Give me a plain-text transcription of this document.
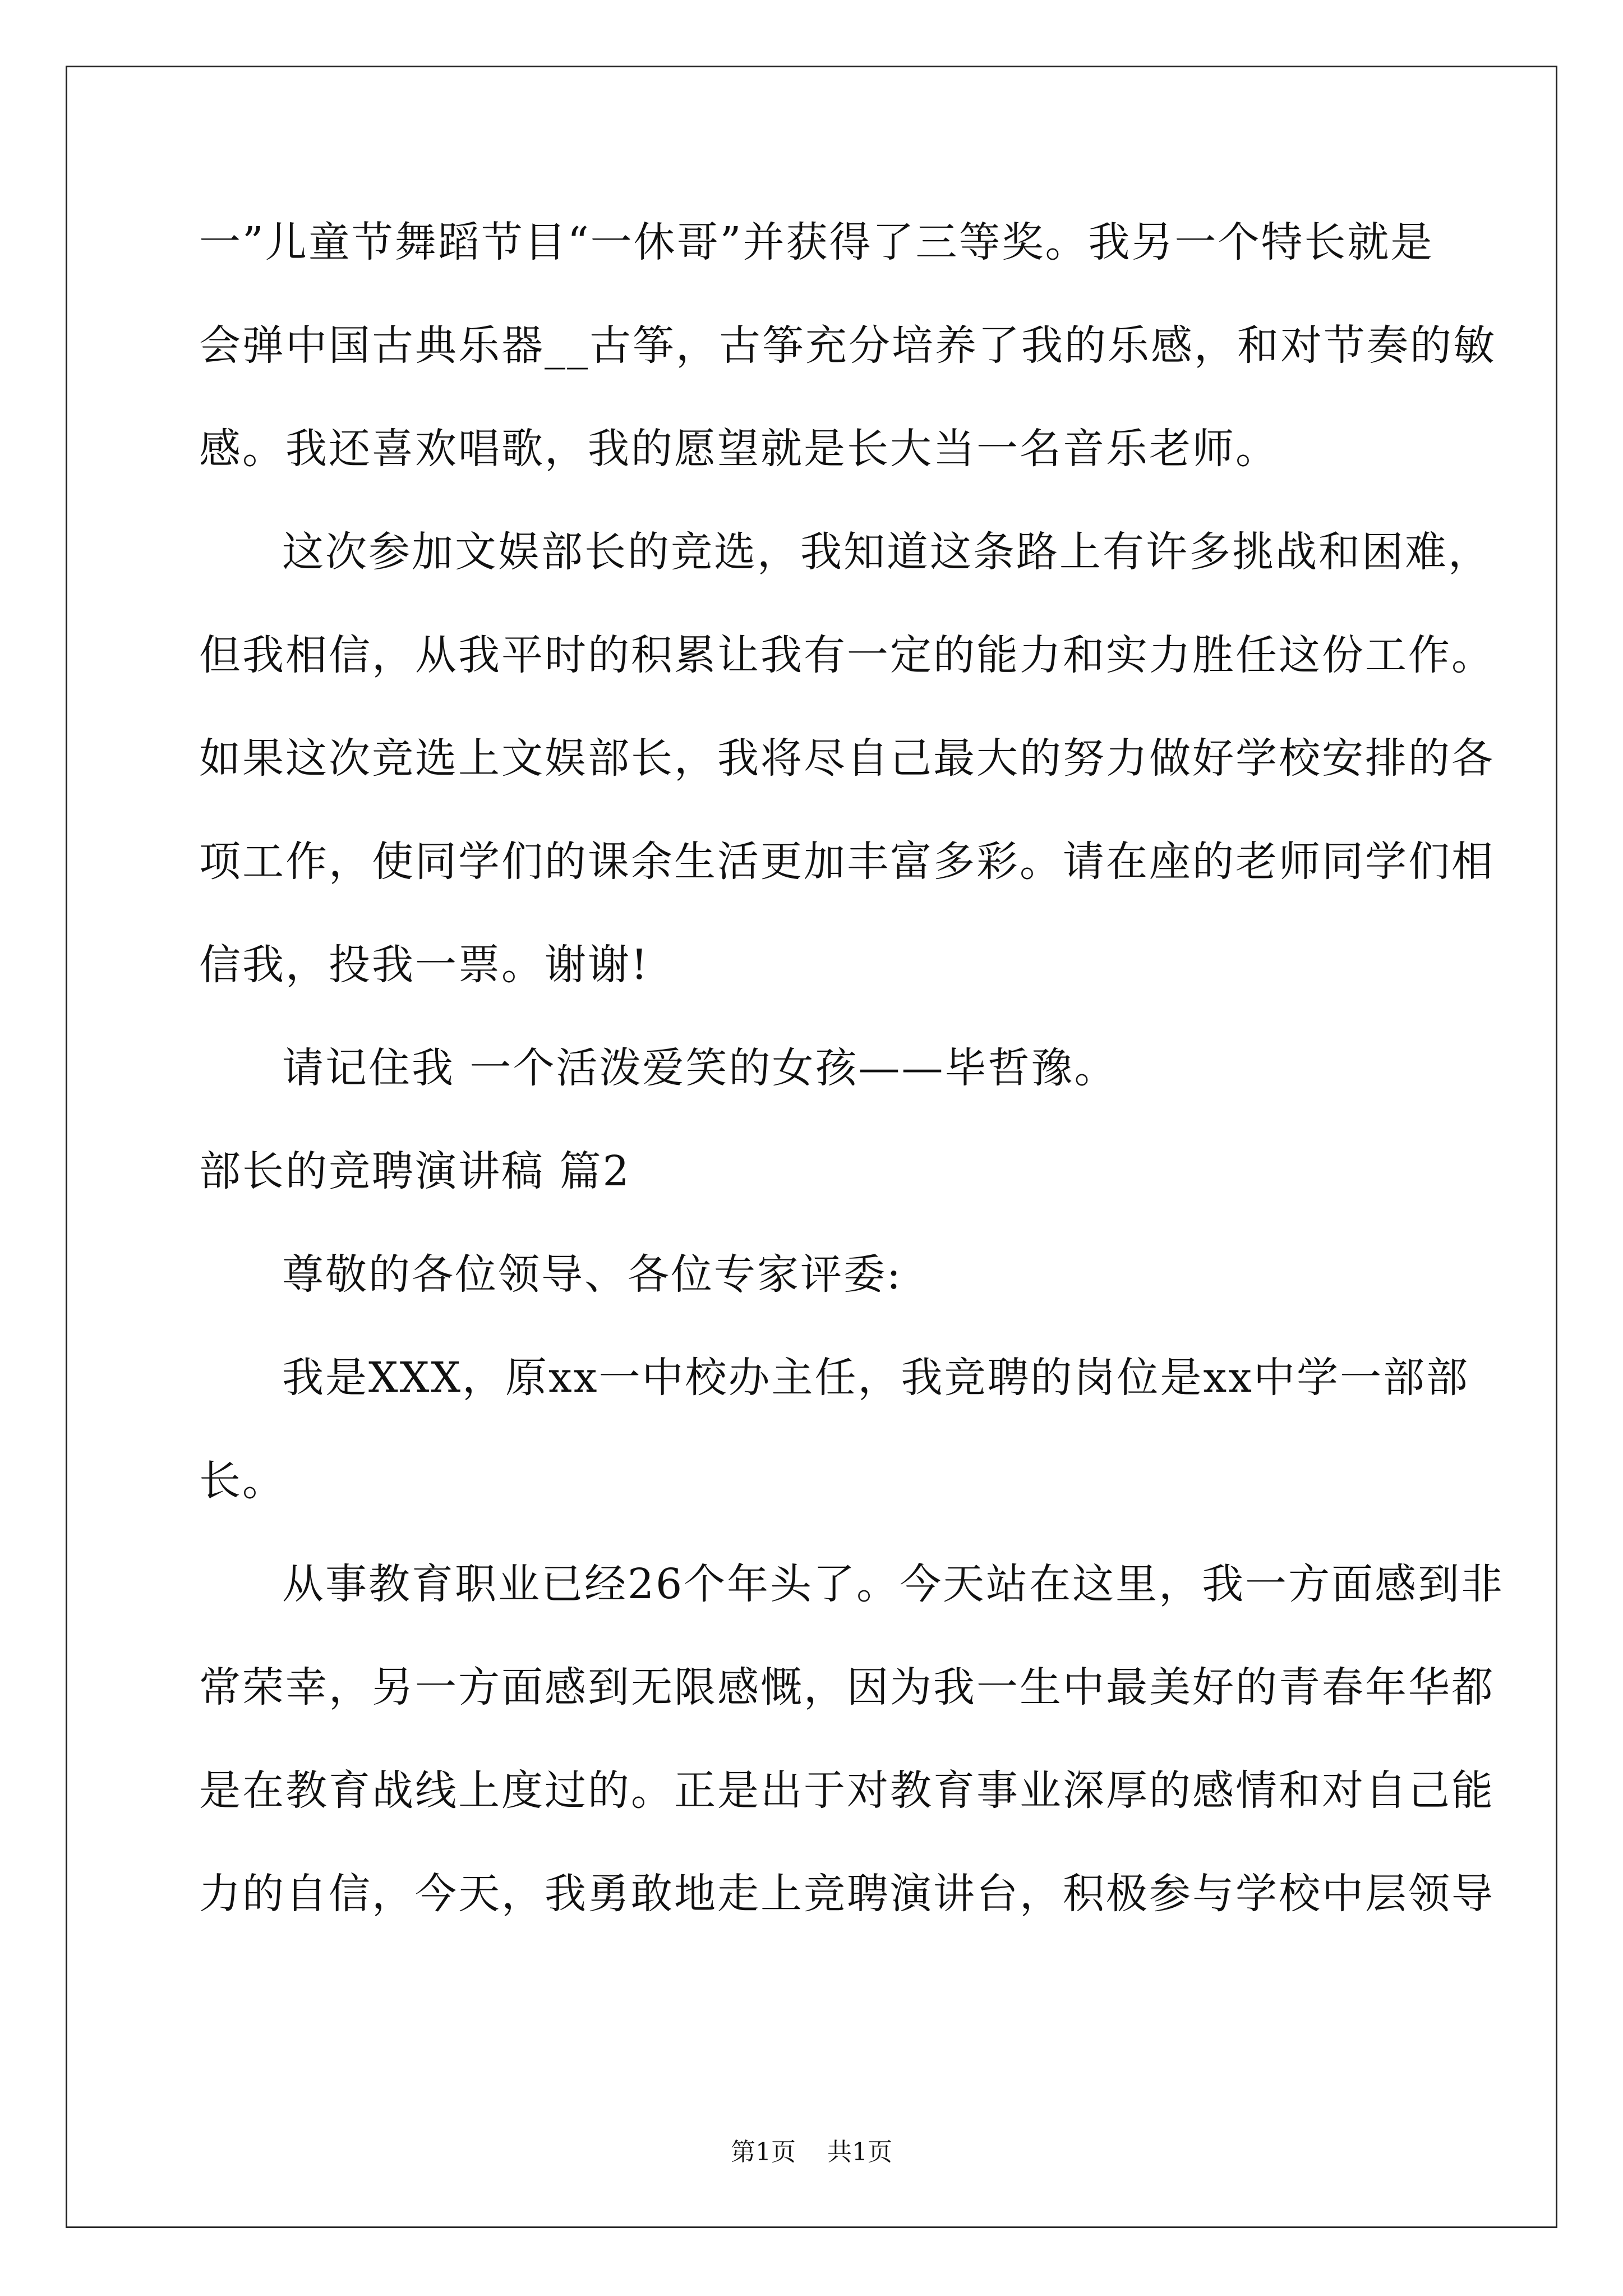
一”儿童节舞蹈节目“一休哥”并获得了三等奖。我另一个特长就是
会弹中国古典乐器__古筝，古筝充分培养了我的乐感，和对节奏的敏
感。我还喜欢唱歌，我的愿望就是长大当一名音乐老师。
这次参加文娱部长的竞选，我知道这条路上有许多挑战和困难，
但我相信，从我平时的积累让我有一定的能力和实力胜任这份工作。
如果这次竞选上文娱部长，我将尽自己最大的努力做好学校安排的各
项工作，使同学们的课余生活更加丰富多彩。请在座的老师同学们相
信我，投我一票。谢谢!
请记住我 一个活泼爱笑的女孩——毕哲豫。
部长的竞聘演讲稿 篇2
尊敬的各位领导、各位专家评委:
我是XXX，原xx一中校办主任，我竞聘的岗位是xx中学一部部
长。
从事教育职业已经26个年头了。今天站在这里，我一方面感到非
常荣幸，另一方面感到无限感慨，因为我一生中最美好的青春年华都
是在教育战线上度过的。正是出于对教育事业深厚的感情和对自己能
力的自信，今天，我勇敢地走上竞聘演讲台，积极参与学校中层领导
第1页 共1页
